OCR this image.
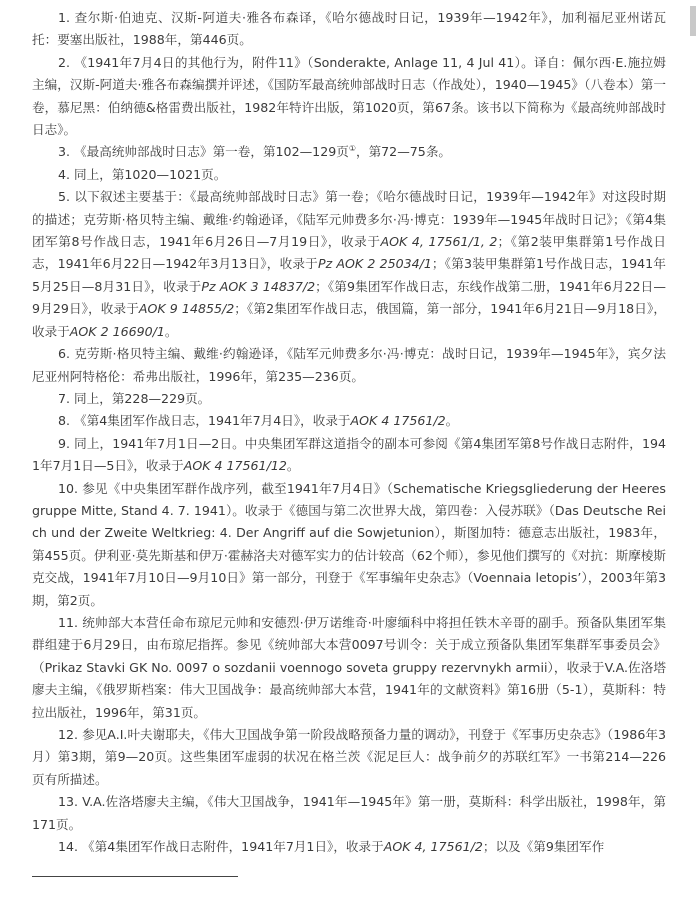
1. 查尔斯·伯迪克、汉斯-阿道夫·雅各布森译，《哈尔德战时日记，1939年—1942年》，加利福尼亚州诺瓦托：要塞出版社，1988年，第446页。

2. 《1941年7月4日的其他行为，附件11》（Sonderakte, Anlage 11, 4 Jul 41）。译自：佩尔西·E.施拉姆主编，汉斯-阿道夫·雅各布森编撰并评述，《国防军最高统帅部战时日志（作战处），1940—1945》（八卷本）第一卷，慕尼黑：伯纳德&格雷费出版社，1982年特许出版，第1020页，第67条。该书以下简称为《最高统帅部战时日志》。

3. 《最高统帅部战时日志》第一卷，第102—129页①，第72—75条。

4. 同上，第1020—1021页。

5. 以下叙述主要基于：《最高统帅部战时日志》第一卷；《哈尔德战时日记，1939年—1942年》对这段时期的描述；克劳斯·格贝特主编、戴维·约翰逊译，《陆军元帅费多尔·冯·博克：1939年—1945年战时日记》；《第4集团军第8号作战日志，1941年6月26日—7月19日》，收录于AOK 4, 17561/1, 2；《第2装甲集群第1号作战日志，1941年6月22日—1942年3月13日》，收录于Pz AOK 2 25034/1；《第3装甲集群第1号作战日志，1941年5月25日—8月31日》，收录于Pz AOK 3 14837/2；《第9集团军作战日志，东线作战第二册，1941年6月22日—9月29日》，收录于AOK 9 14855/2；《第2集团军作战日志，俄国篇，第一部分，1941年6月21日—9月18日》，收录于AOK 2 16690/1。

6. 克劳斯·格贝特主编、戴维·约翰逊译，《陆军元帅费多尔·冯·博克：战时日记，1939年—1945年》，宾夕法尼亚州阿特格伦：希弗出版社，1996年，第235—236页。

7. 同上，第228—229页。

8. 《第4集团军作战日志，1941年7月4日》，收录于AOK 4 17561/2。

9. 同上，1941年7月1日—2日。中央集团军群这道指令的副本可参阅《第4集团军第8号作战日志附件，1941年7月1日—5日》，收录于AOK 4 17561/12。

10. 参见《中央集团军群作战序列，截至1941年7月4日》（Schematische Kriegsgliederung der Heeresgruppe Mitte, Stand 4. 7. 1941）。收录于《德国与第二次世界大战，第四卷：入侵苏联》（Das Deutsche Reich und der Zweite Weltkrieg: 4. Der Angriff auf die Sowjetunion），斯图加特：德意志出版社，1983年，第455页。伊利亚·莫先斯基和伊万·霍赫洛夫对德军实力的估计较高（62个师），参见他们撰写的《对抗：斯摩棱斯克交战，1941年7月10日—9月10日》第一部分，刊登于《军事编年史杂志》（Voennaia letopis’），2003年第3期，第2页。

11. 统帅部大本营任命布琼尼元帅和安德烈·伊万诺维奇·叶廖缅科中将担任铁木辛哥的副手。预备队集团军集群组建于6月29日，由布琼尼指挥。参见《统帅部大本营0097号训令：关于成立预备队集团军集群军事委员会》（Prikaz Stavki GK No. 0097 o sozdanii voennogo soveta gruppy rezervnykh armii），收录于V.A.佐洛塔廖夫主编，《俄罗斯档案：伟大卫国战争：最高统帅部大本营，1941年的文献资料》第16册（5-1），莫斯科：特拉出版社，1996年，第31页。

12. 参见A.I.叶夫谢耶夫，《伟大卫国战争第一阶段战略预备力量的调动》，刊登于《军事历史杂志》（1986年3月）第3期，第9—20页。这些集团军虚弱的状况在格兰茨《泥足巨人：战争前夕的苏联红军》一书第214—226页有所描述。

13. V.A.佐洛塔廖夫主编，《伟大卫国战争，1941年—1945年》第一册，莫斯科：科学出版社，1998年，第171页。

14. 《第4集团军作战日志附件，1941年7月1日》，收录于AOK 4, 17561/2；以及《第9集团军作
